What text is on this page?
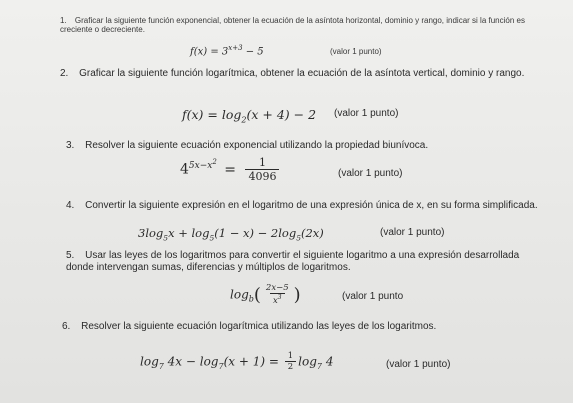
1. Graficar la siguiente función exponencial, obtener la ecuación de la asíntota horizontal, dominio y rango, indicar si la función es creciente o decreciente.
$f(x) = 3^{x+3} - 5$	(valor 1 punto)
2. Graficar la siguiente función logarítmica, obtener la ecuación de la asíntota vertical, dominio y rango.
$f(x) = \log_2(x + 4) - 2$ (valor 1 punto)
3. Resolver la siguiente ecuación exponencial utilizando la propiedad biunívoca.
$4^{5x-x^2} = \frac{1}{4096}$	(valor 1 punto)
4. Convertir la siguiente expresión en el logaritmo de una expresión única de x, en su forma simplificada.
$3\log_5x + \log_5(1 - x) - 2\log_5(2x)$	(valor 1 punto)
5. Usar las leyes de los logaritmos para convertir el siguiente logaritmo a una expresión desarrollada donde intervengan sumas, diferencias y múltiplos de logaritmos.
$\log_b( \frac{2x-5}{x^3}$ )	(valor 1 punto
6. Resolver la siguiente ecuación logarítmica utilizando las leyes de los logaritmos.
$\log_7 4x - \log_7(x + 1) = \frac{1}{2} \log_7 4$	(valor 1 punto)
